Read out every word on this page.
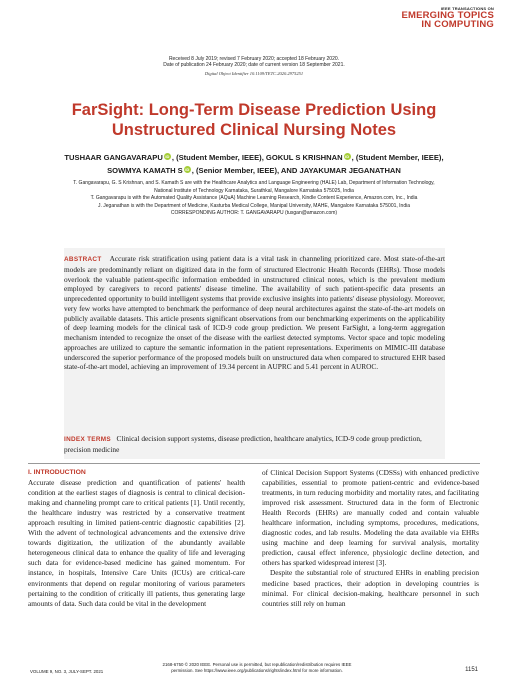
IEEE TRANSACTIONS ON
EMERGING TOPICS
IN COMPUTING
Received 8 July 2019; revised 7 February 2020; accepted 18 February 2020.
Date of publication 24 February 2020; date of current version 18 September 2021.
Digital Object Identifier 10.1109/TETC.2020.2975251
FarSight: Long-Term Disease Prediction Using
Unstructured Clinical Nursing Notes
TUSHAAR GANGAVARAPU iD , (Student Member, IEEE), GOKUL S KRISHNAN iD , (Student Member, IEEE),
SOWMYA KAMATH S iD , (Senior Member, IEEE), AND JAYAKUMAR JEGANATHAN
T. Gangavarapu, G. S Krishnan, and S. Kamath S are with the Healthcare Analytics and Language Engineering (HALE) Lab, Department of Information Technology,
National Institute of Technology Karnataka, Surathkal, Mangalore Karnataka 575025, India
T. Gangavarapu is with the Automated Quality Assistance (AQuA) Machine Learning Research, Kindle Content Experience, Amazon.com, Inc., India
J. Jeganathan is with the Department of Medicine, Kasturba Medical College, Manipal University, MAHE, Mangalore Karnataka 575001, India
CORRESPONDING AUTHOR: T. GANGAVARAPU (tusgan@amazon.com)
ABSTRACT Accurate risk stratification using patient data is a vital task in channeling prioritized care. Most state-of-the-art models are predominantly reliant on digitized data in the form of structured Electronic Health Records (EHRs). Those models overlook the valuable patient-specific information embedded in unstructured clinical notes, which is the prevalent medium employed by caregivers to record patients' disease timeline. The availability of such patient-specific data presents an unprecedented opportunity to build intelligent systems that provide exclusive insights into patients' disease physiology. Moreover, very few works have attempted to benchmark the performance of deep neural architectures against the state-of-the-art models on publicly available datasets. This article presents significant observations from our benchmarking experiments on the applicability of deep learning models for the clinical task of ICD-9 code group prediction. We present FarSight, a long-term aggregation mechanism intended to recognize the onset of the disease with the earliest detected symptoms. Vector space and topic modeling approaches are utilized to capture the semantic information in the patient representations. Experiments on MIMIC-III database underscored the superior performance of the proposed models built on unstructured data when compared to structured EHR based state-of-the-art model, achieving an improvement of 19.34 percent in AUPRC and 5.41 percent in AUROC.
INDEX TERMS Clinical decision support systems, disease prediction, healthcare analytics, ICD-9 code group prediction, precision medicine
I. INTRODUCTION
Accurate disease prediction and quantification of patients' health condition at the earliest stages of diagnosis is central to clinical decision-making and channeling prompt care to critical patients [1]. Until recently, the healthcare industry was restricted by a conservative treatment approach resulting in limited patient-centric diagnostic capabilities [2]. With the advent of technological advancements and the extensive drive towards digitization, the utilization of the abundantly available heterogeneous clinical data to enhance the quality of life and leveraging such data for evidence-based medicine has gained momentum. For instance, in hospitals, Intensive Care Units (ICUs) are critical-care environments that depend on regular monitoring of various parameters pertaining to the condition of critically ill patients, thus generating large amounts of data. Such data could be vital in the development
of Clinical Decision Support Systems (CDSSs) with enhanced predictive capabilities, essential to promote patient-centric and evidence-based treatments, in turn reducing morbidity and mortality rates, and facilitating improved risk assessment. Structured data in the form of Electronic Health Records (EHRs) are manually coded and contain valuable healthcare information, including symptoms, procedures, medications, diagnostic codes, and lab results. Modeling the data available via EHRs using machine and deep learning for survival analysis, mortality prediction, causal effect inference, physiologic decline detection, and others has sparked widespread interest [3].
Despite the substantial role of structured EHRs in enabling precision medicine based practices, their adoption in developing countries is minimal. For clinical decision-making, healthcare personnel in such countries still rely on human
VOLUME 9, NO. 3, JULY-SEPT. 2021
2168-6750 © 2020 IEEE. Personal use is permitted, but republication/redistribution requires IEEE
permission. See https://www.ieee.org/publications/rights/index.html for more information.	1151
